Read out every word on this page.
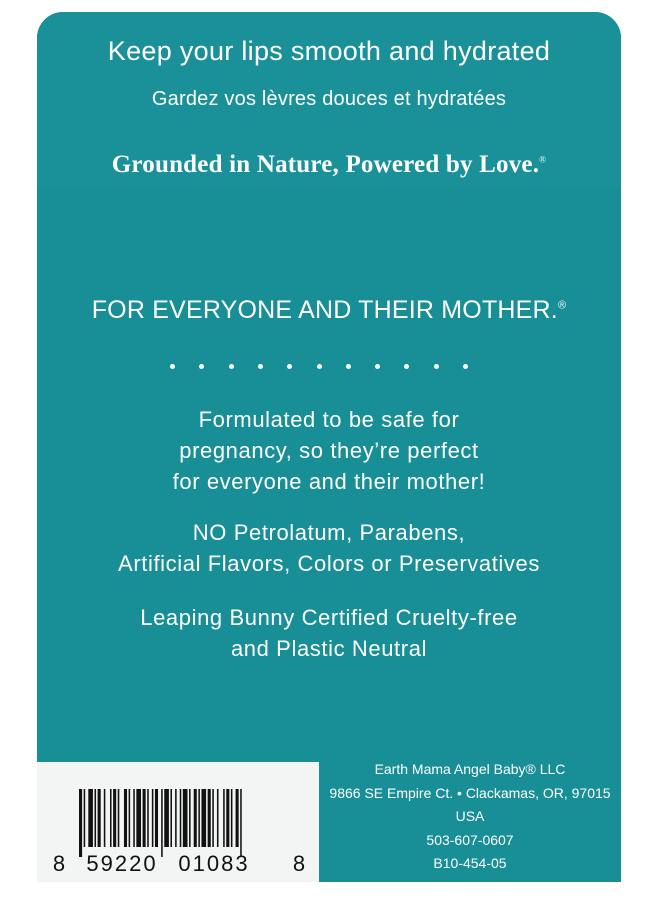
Keep your lips smooth and hydrated
Gardez vos lèvres douces et hydratées
Grounded in Nature, Powered by Love.®
FOR EVERYONE AND THEIR MOTHER.®
Formulated to be safe for
pregnancy, so they’re perfect
for everyone and their mother!
NO Petrolatum, Parabens,
Artificial Flavors, Colors or Preservatives
Leaping Bunny Certified Cruelty-free
and Plastic Neutral
8 59220 01083 8
Earth Mama Angel Baby® LLC
9866 SE Empire Ct. • Clackamas, OR, 97015 USA
503-607-0607
B10-454-05
